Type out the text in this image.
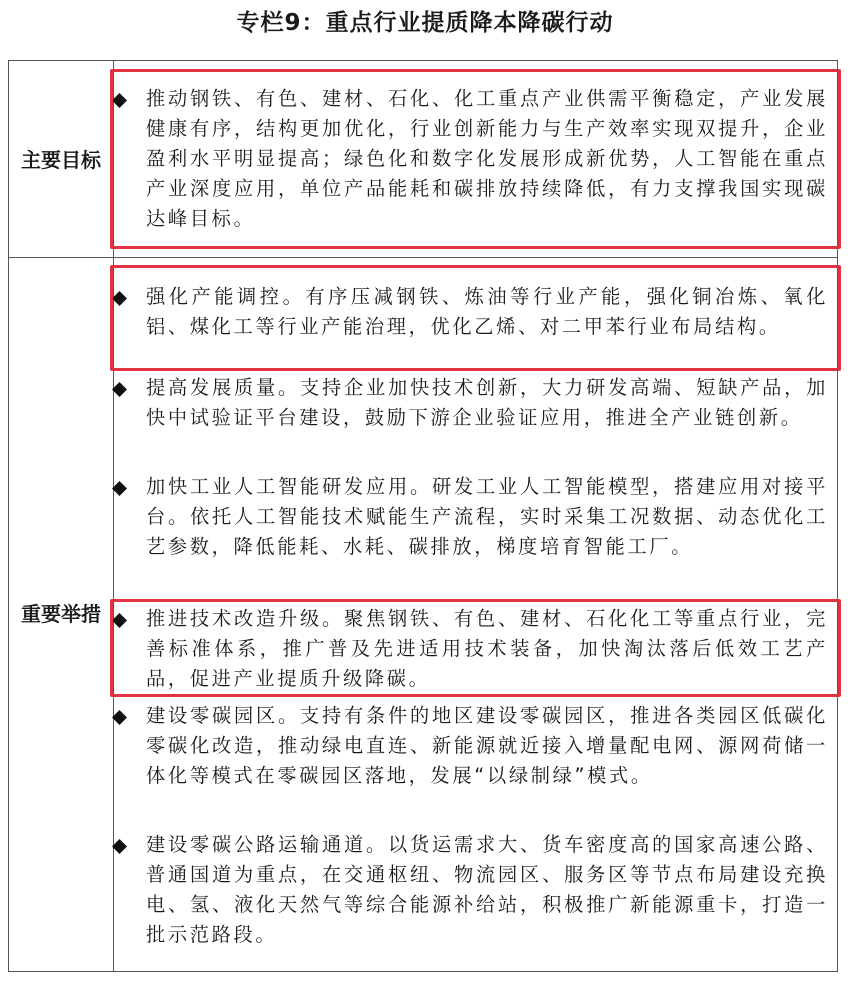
专栏9：重点行业提质降本降碳行动
主要目标
重要举措
推动钢铁、有色、建材、石化、化工重点产业供需平衡稳定，产业发展健康有序，结构更加优化，行业创新能力与生产效率实现双提升，企业盈利水平明显提高；绿色化和数字化发展形成新优势，人工智能在重点产业深度应用，单位产品能耗和碳排放持续降低，有力支撑我国实现碳达峰目标。
强化产能调控。有序压减钢铁、炼油等行业产能，强化铜冶炼、氧化铝、煤化工等行业产能治理，优化乙烯、对二甲苯行业布局结构。
提高发展质量。支持企业加快技术创新，大力研发高端、短缺产品，加快中试验证平台建设，鼓励下游企业验证应用，推进全产业链创新。
加快工业人工智能研发应用。研发工业人工智能模型，搭建应用对接平台。依托人工智能技术赋能生产流程，实时采集工况数据、动态优化工艺参数，降低能耗、水耗、碳排放，梯度培育智能工厂。
推进技术改造升级。聚焦钢铁、有色、建材、石化化工等重点行业，完善标准体系，推广普及先进适用技术装备，加快淘汰落后低效工艺产品，促进产业提质升级降碳。
建设零碳园区。支持有条件的地区建设零碳园区，推进各类园区低碳化零碳化改造，推动绿电直连、新能源就近接入增量配电网、源网荷储一体化等模式在零碳园区落地，发展“以绿制绿”模式。
建设零碳公路运输通道。以货运需求大、货车密度高的国家高速公路、普通国道为重点，在交通枢纽、物流园区、服务区等节点布局建设充换电、氢、液化天然气等综合能源补给站，积极推广新能源重卡，打造一批示范路段。
